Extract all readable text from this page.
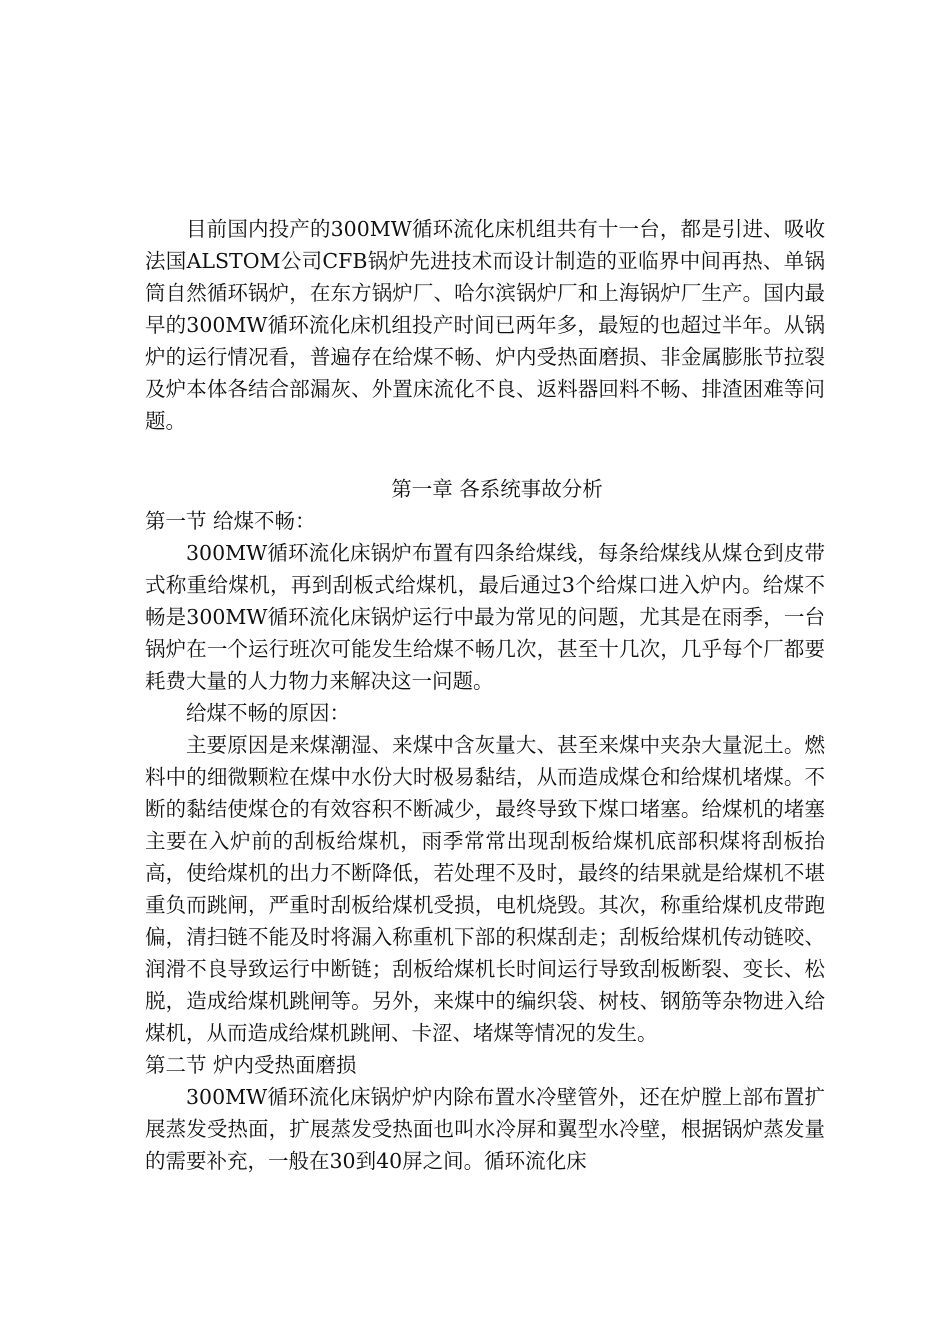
目前国内投产的300MW循环流化床机组共有十一台，都是引进、吸收法国ALSTOM公司CFB锅炉先进技术而设计制造的亚临界中间再热、单锅筒自然循环锅炉，在东方锅炉厂、哈尔滨锅炉厂和上海锅炉厂生产。国内最早的300MW循环流化床机组投产时间已两年多，最短的也超过半年。从锅炉的运行情况看，普遍存在给煤不畅、炉内受热面磨损、非金属膨胀节拉裂及炉本体各结合部漏灰、外置床流化不良、返料器回料不畅、排渣困难等问题。

第一章 各系统事故分析

第一节 给煤不畅：

300MW循环流化床锅炉布置有四条给煤线，每条给煤线从煤仓到皮带式称重给煤机，再到刮板式给煤机，最后通过3个给煤口进入炉内。给煤不畅是300MW循环流化床锅炉运行中最为常见的问题，尤其是在雨季，一台锅炉在一个运行班次可能发生给煤不畅几次，甚至十几次，几乎每个厂都要耗费大量的人力物力来解决这一问题。

给煤不畅的原因：

主要原因是来煤潮湿、来煤中含灰量大、甚至来煤中夹杂大量泥土。燃料中的细微颗粒在煤中水份大时极易黏结，从而造成煤仓和给煤机堵煤。不断的黏结使煤仓的有效容积不断减少，最终导致下煤口堵塞。给煤机的堵塞主要在入炉前的刮板给煤机，雨季常常出现刮板给煤机底部积煤将刮板抬高，使给煤机的出力不断降低，若处理不及时，最终的结果就是给煤机不堪重负而跳闸，严重时刮板给煤机受损，电机烧毁。其次，称重给煤机皮带跑偏，清扫链不能及时将漏入称重机下部的积煤刮走；刮板给煤机传动链咬、润滑不良导致运行中断链；刮板给煤机长时间运行导致刮板断裂、变长、松脱，造成给煤机跳闸等。另外，来煤中的编织袋、树枝、钢筋等杂物进入给煤机，从而造成给煤机跳闸、卡涩、堵煤等情况的发生。

第二节 炉内受热面磨损

300MW循环流化床锅炉炉内除布置水冷壁管外，还在炉膛上部布置扩展蒸发受热面，扩展蒸发受热面也叫水冷屏和翼型水冷壁，根据锅炉蒸发量的需要补充，一般在30到40屏之间。循环流化床
